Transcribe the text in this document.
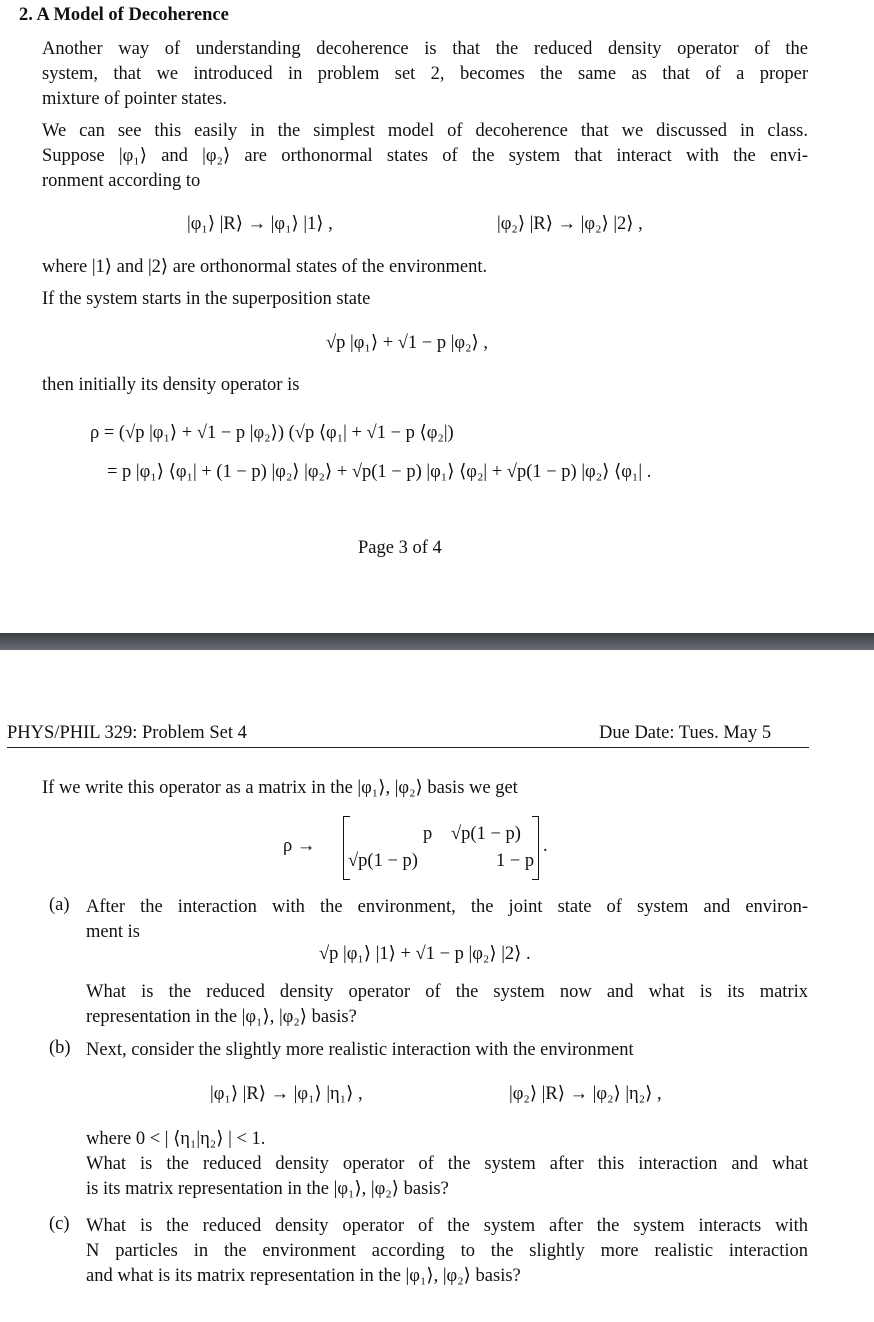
2. A Model of Decoherence
Another way of understanding decoherence is that the reduced density operator of the
system, that we introduced in problem set 2, becomes the same as that of a proper
mixture of pointer states.
We can see this easily in the simplest model of decoherence that we discussed in class.
Suppose |φ₁⟩ and |φ₂⟩ are orthonormal states of the system that interact with the envi-
ronment according to
|φ₁⟩ |R⟩ → |φ₁⟩ |1⟩ ,	|φ₂⟩ |R⟩ → |φ₂⟩ |2⟩ ,
where |1⟩ and |2⟩ are orthonormal states of the environment.
If the system starts in the superposition state
√p |φ₁⟩ + √1 − p |φ₂⟩ ,
then initially its density operator is
ρ = (√p |φ₁⟩ + √1 − p |φ₂⟩) (√p ⟨φ₁| + √1 − p ⟨φ₂|)
= p |φ₁⟩ ⟨φ₁| + (1 − p) |φ₂⟩ |φ₂⟩ + √p(1 − p) |φ₁⟩ ⟨φ₂| + √p(1 − p) |φ₂⟩ ⟨φ₁| .
Page 3 of 4
PHYS/PHIL 329: Problem Set 4	Due Date: Tues. May 5
If we write this operator as a matrix in the |φ₁⟩, |φ₂⟩ basis we get
ρ →
p √p(1 − p)
√p(1 − p)	1 − p
.
(a) After the interaction with the environment, the joint state of system and environ-
ment is
√p |φ₁⟩ |1⟩ + √1 − p |φ₂⟩ |2⟩ .
What is the reduced density operator of the system now and what is its matrix
representation in the |φ₁⟩, |φ₂⟩ basis?
(b) Next, consider the slightly more realistic interaction with the environment
|φ₁⟩ |R⟩ → |φ₁⟩ |η₁⟩ ,	|φ₂⟩ |R⟩ → |φ₂⟩ |η₂⟩ ,
where 0 < | ⟨η₁|η₂⟩ | < 1.
What is the reduced density operator of the system after this interaction and what
is its matrix representation in the |φ₁⟩, |φ₂⟩ basis?
(c) What is the reduced density operator of the system after the system interacts with
N particles in the environment according to the slightly more realistic interaction
and what is its matrix representation in the |φ₁⟩, |φ₂⟩ basis?
